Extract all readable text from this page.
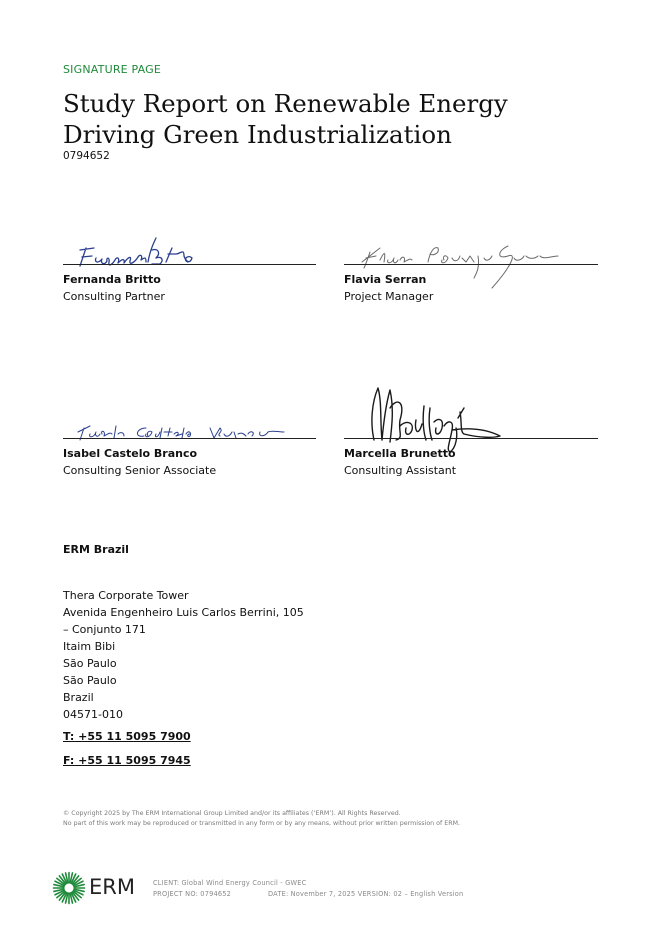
SIGNATURE PAGE
Study Report on Renewable Energy Driving Green Industrialization
0794652
Fernanda Britto
Consulting Partner
Flavia Serran
Project Manager
Isabel Castelo Branco
Consulting Senior Associate
Marcella Brunetto
Consulting Assistant
ERM Brazil
Thera Corporate Tower
Avenida Engenheiro Luis Carlos Berrini, 105
– Conjunto 171
Itaim Bibi
São Paulo
São Paulo
Brazil
04571-010
T: +55 11 5095 7900
F: +55 11 5095 7945
© Copyright 2025 by The ERM International Group Limited and/or its affiliates (‘ERM’). All Rights Reserved.
No part of this work may be reproduced or transmitted in any form or by any means, without prior written permission of ERM.
ERM	CLIENT: Global Wind Energy Council - GWEC
PROJECT NO: 0794652	DATE: November 7, 2025 VERSION: 02 – English Version
